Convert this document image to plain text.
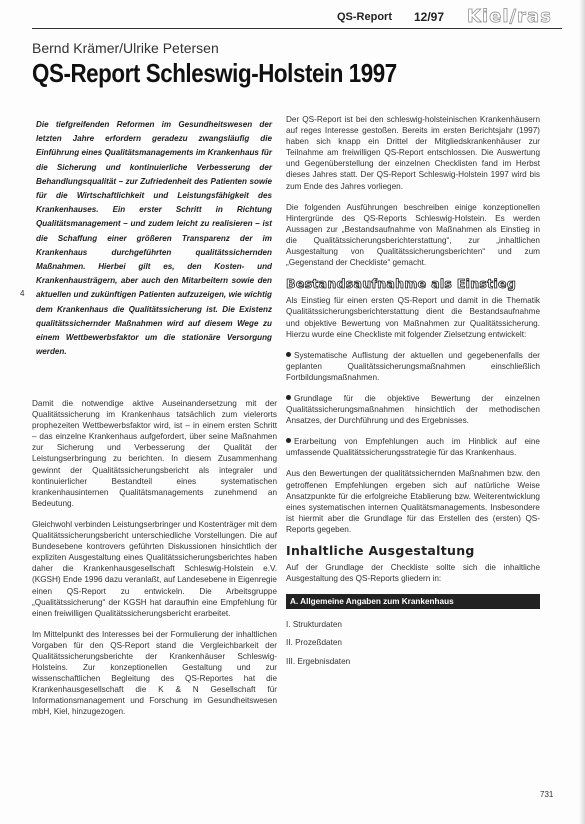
QS-Report 12/97 Kiel/ras
Bernd Krämer/Ulrike Petersen
QS-Report Schleswig-Holstein 1997
Die tiefgreifenden Reformen im Gesundheitswesen der letzten Jahre erfordern geradezu zwangsläufig die Einführung eines Qualitätsmanagements im Krankenhaus für die Sicherung und kontinuierliche Verbesserung der Behandlungsqualität – zur Zufriedenheit des Patienten sowie für die Wirtschaftlichkeit und Leistungsfähigkeit des Krankenhauses. Ein erster Schritt in Richtung Qualitätsmanagement – und zudem leicht zu realisieren – ist die Schaffung einer größeren Transparenz der im Krankenhaus durchgeführten qualitätssichernden Maßnahmen. Hierbei gilt es, den Kosten- und Krankenhausträgern, aber auch den Mitarbeitern sowie den aktuellen und zukünftigen Patienten aufzuzeigen, wie wichtig dem Krankenhaus die Qualitätssicherung ist. Die Existenz qualitätssichernder Maßnahmen wird auf diesem Wege zu einem Wettbewerbsfaktor um die stationäre Versorgung werden.
4

Damit die notwendige aktive Auseinandersetzung mit der Qualitätssicherung im Krankenhaus tatsächlich zum vielerorts prophezeiten Wettbewerbsfaktor wird, ist – in einem ersten Schritt – das einzelne Krankenhaus aufgefordert, über seine Maßnahmen zur Sicherung und Verbesserung der Qualität der Leistungserbringung zu berichten. In diesem Zusammenhang gewinnt der Qualitätssicherungsbericht als integraler und kontinuierlicher Bestandteil eines systematischen krankenhausinternen Qualitätsmanagements zunehmend an Bedeutung.

Gleichwohl verbinden Leistungserbringer und Kostenträger mit dem Qualitätssicherungsbericht unterschiedliche Vorstellungen. Die auf Bundesebene kontrovers geführten Diskussionen hinsichtlich der expliziten Ausgestaltung eines Qualitätssicherungsberichtes haben daher die Krankenhausgesellschaft Schleswig-Holstein e.V. (KGSH) Ende 1996 dazu veranlaßt, auf Landesebene in Eigenregie einen QS-Report zu entwickeln. Die Arbeitsgruppe „Qualitätssicherung“ der KGSH hat daraufhin eine Empfehlung für einen freiwilligen Qualitätssicherungsbericht erarbeitet.

Im Mittelpunkt des Interesses bei der Formulierung der inhaltlichen Vorgaben für den QS-Report stand die Vergleichbarkeit der Qualitätssicherungsberichte der Krankenhäuser Schleswig-Holsteins. Zur konzeptionellen Gestaltung und zur wissenschaftlichen Begleitung des QS-Reportes hat die Krankenhausgesellschaft die K & N Gesellschaft für Informationsmanagement und Forschung im Gesundheitswesen mbH, Kiel, hinzugezogen.

Der QS-Report ist bei den schleswig-holsteinischen Krankenhäusern auf reges Interesse gestoßen. Bereits im ersten Berichtsjahr (1997) haben sich knapp ein Drittel der Mitgliedskrankenhäuser zur Teilnahme am freiwilligen QS-Report entschlossen. Die Auswertung und Gegenüberstellung der einzelnen Checklisten fand im Herbst dieses Jahres statt. Der QS-Report Schleswig-Holstein 1997 wird bis zum Ende des Jahres vorliegen.

Die folgenden Ausführungen beschreiben einige konzeptionellen Hintergründe des QS-Reports Schleswig-Holstein. Es werden Aussagen zur „Bestandsaufnahme von Maßnahmen als Einstieg in die Qualitätssicherungsberichterstattung“, zur „inhaltlichen Ausgestaltung von Qualitätssicherungsberichten“ und zum „Gegenstand der Checkliste“ gemacht.

Bestandsaufnahme als Einstieg

Als Einstieg für einen ersten QS-Report und damit in die Thematik Qualitätssicherungsberichterstattung dient die Bestandsaufnahme und objektive Bewertung von Maßnahmen zur Qualitätssicherung. Hierzu wurde eine Checkliste mit folgender Zielsetzung entwickelt:

Systematische Auflistung der aktuellen und gegebenenfalls der geplanten Qualitätssicherungsmaßnahmen einschließlich Fortbildungsmaßnahmen.

Grundlage für die objektive Bewertung der einzelnen Qualitätssicherungsmaßnahmen hinsichtlich der methodischen Ansatzes, der Durchführung und des Ergebnisses.

Erarbeitung von Empfehlungen auch im Hinblick auf eine umfassende Qualitätssicherungsstrategie für das Krankenhaus.

Aus den Bewertungen der qualitätssichernden Maßnahmen bzw. den getroffenen Empfehlungen ergeben sich auf natürliche Weise Ansatzpunkte für die erfolgreiche Etablierung bzw. Weiterentwicklung eines systematischen internen Qualitätsmanagements. Insbesondere ist hiermit aber die Grundlage für das Erstellen des (ersten) QS-Reports gegeben.

Inhaltliche Ausgestaltung

Auf der Grundlage der Checkliste sollte sich die inhaltliche Ausgestaltung des QS-Reports gliedern in:

A. Allgemeine Angaben zum Krankenhaus
I. Strukturdaten
II. Prozeßdaten
III. Ergebnisdaten
731
